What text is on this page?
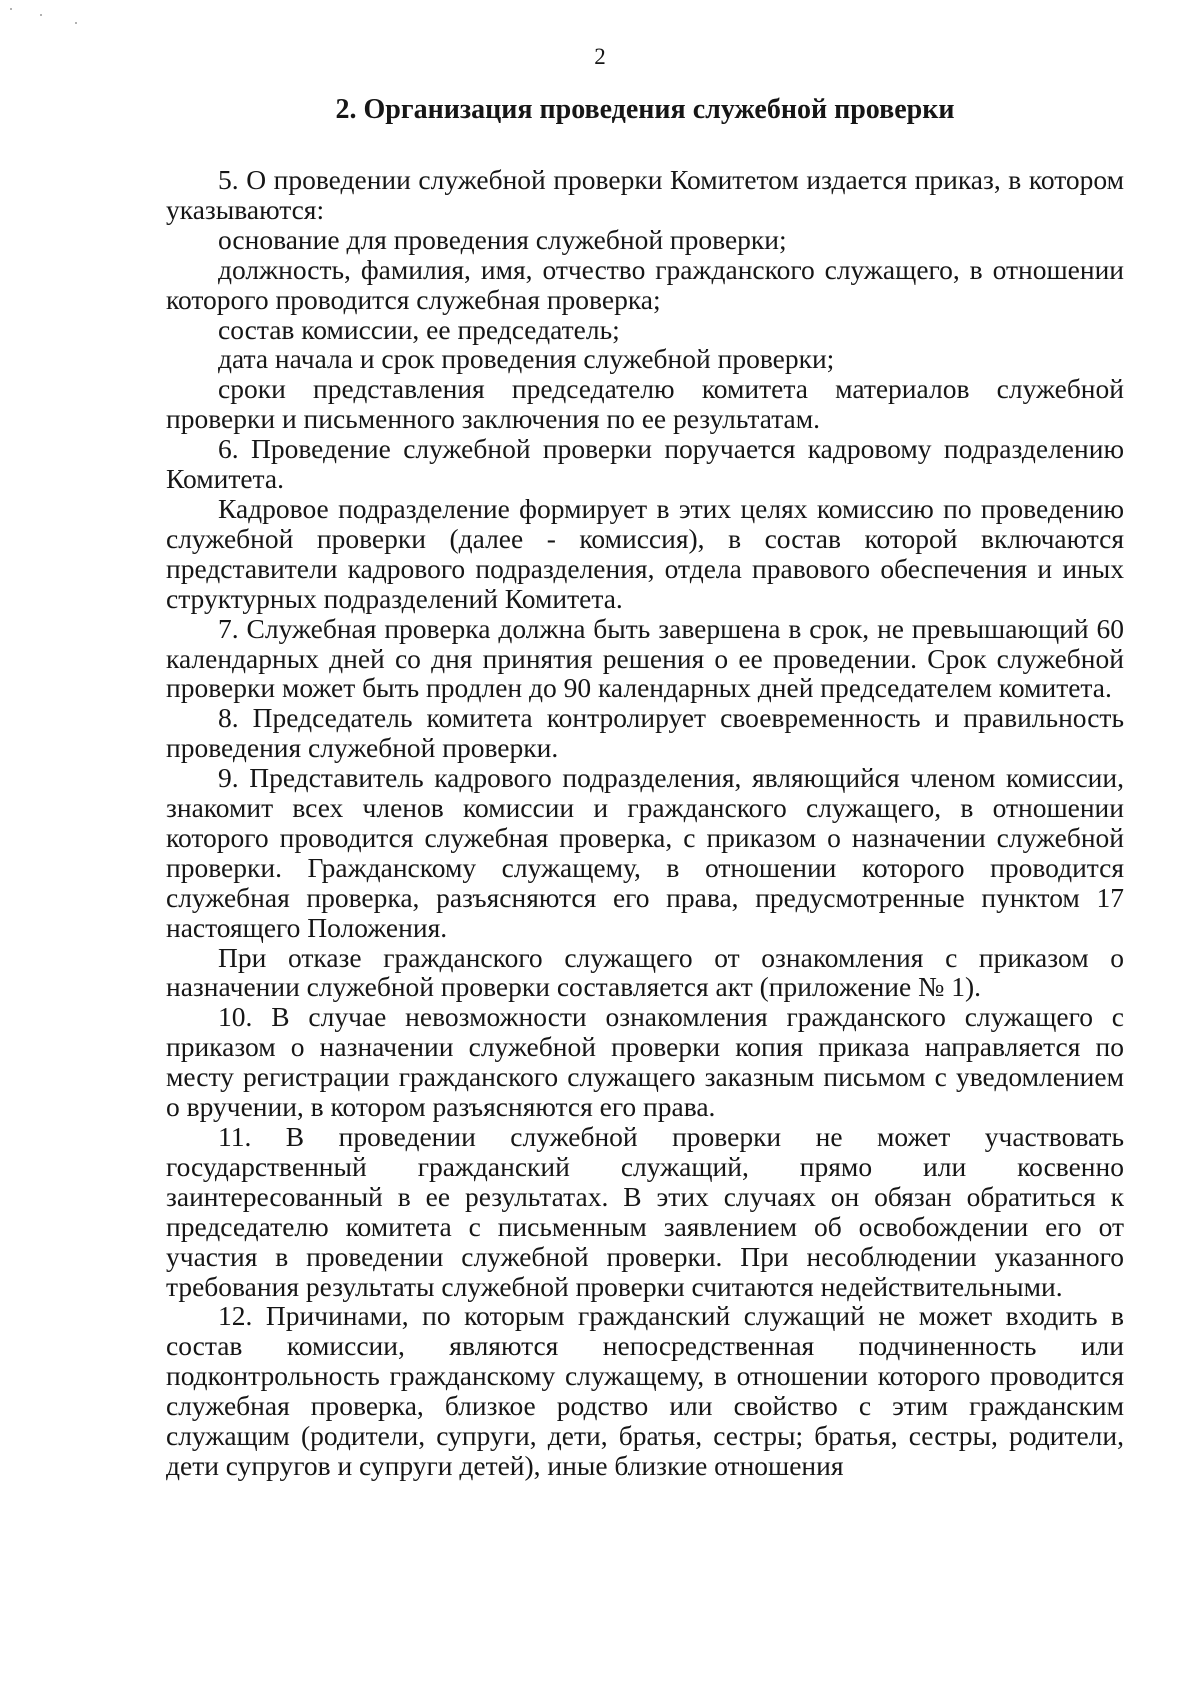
2
2. Организация проведения служебной проверки

5. О проведении служебной проверки Комитетом издается приказ, в котором указываются:

основание для проведения служебной проверки;

должность, фамилия, имя, отчество гражданского служащего, в отношении которого проводится служебная проверка;

состав комиссии, ее председатель;

дата начала и срок проведения служебной проверки;

сроки представления председателю комитета материалов служебной проверки и письменного заключения по ее результатам.

6. Проведение служебной проверки поручается кадровому подразделению Комитета.

Кадровое подразделение формирует в этих целях комиссию по проведению служебной проверки (далее - комиссия), в состав которой включаются представители кадрового подразделения, отдела правового обеспечения и иных структурных подразделений Комитета.

7. Служебная проверка должна быть завершена в срок, не превышающий 60 календарных дней со дня принятия решения о ее проведении. Срок служебной проверки может быть продлен до 90 календарных дней председателем комитета.

8. Председатель комитета контролирует своевременность и правильность проведения служебной проверки.

9. Представитель кадрового подразделения, являющийся членом комиссии, знакомит всех членов комиссии и гражданского служащего, в отношении которого проводится служебная проверка, с приказом о назначении служебной проверки. Гражданскому служащему, в отношении которого проводится служебная проверка, разъясняются его права, предусмотренные пунктом 17 настоящего Положения.

При отказе гражданского служащего от ознакомления с приказом о назначении служебной проверки составляется акт (приложение № 1).

10. В случае невозможности ознакомления гражданского служащего с приказом о назначении служебной проверки копия приказа направляется по месту регистрации гражданского служащего заказным письмом с уведомлением о вручении, в котором разъясняются его права.

11. В проведении служебной проверки не может участвовать государственный гражданский служащий, прямо или косвенно заинтересованный в ее результатах. В этих случаях он обязан обратиться к председателю комитета с письменным заявлением об освобождении его от участия в проведении служебной проверки. При несоблюдении указанного требования результаты служебной проверки считаются недействительными.

12. Причинами, по которым гражданский служащий не может входить в состав комиссии, являются непосредственная подчиненность или подконтрольность гражданскому служащему, в отношении которого проводится служебная проверка, близкое родство или свойство с этим гражданским служащим (родители, супруги, дети, братья, сестры; братья, сестры, родители, дети супругов и супруги детей), иные близкие отношения
